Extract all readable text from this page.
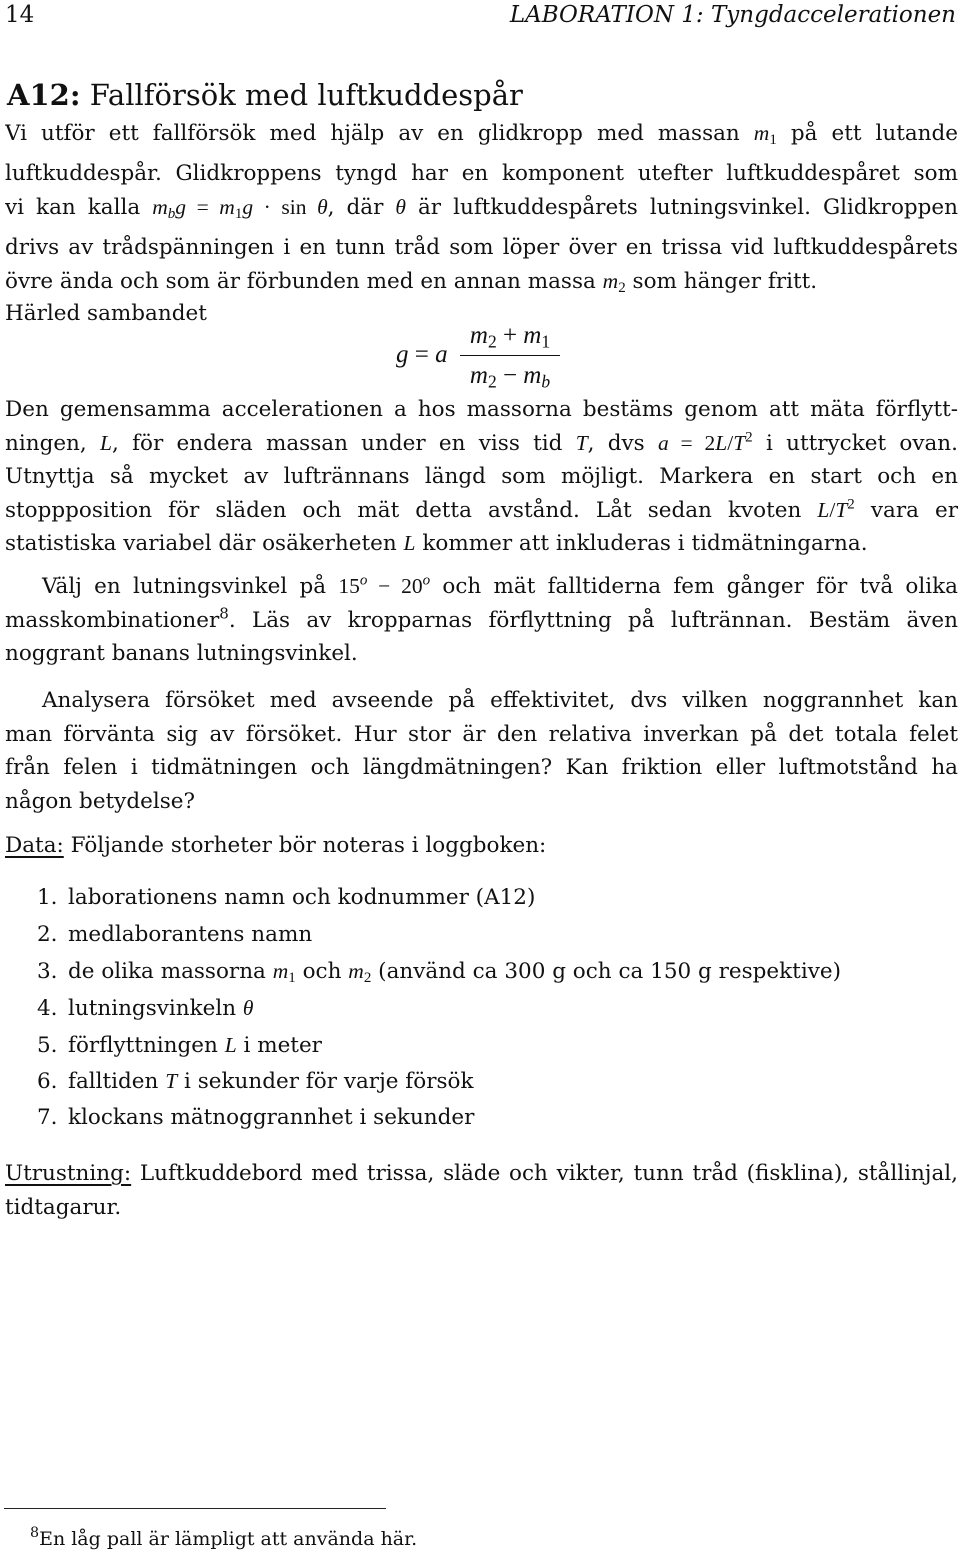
14	LABORATION 1: Tyngdaccelerationen
A12: Fallförsök med luftkuddespår
Vi utför ett fallförsök med hjälp av en glidkropp med massan $m_1$ på ett lutande
luftkuddespår. Glidkroppens tyngd har en komponent utefter luftkuddespåret som
vi kan kalla $m_bg = m_1g \cdot \sin \theta$, där θ är luftkuddespårets lutningsvinkel. Glidkroppen
drivs av trådspänningen i en tunn tråd som löper över en trissa vid luftkuddespårets
övre ända och som är förbunden med en annan massa $m_2$ som hänger fritt.
Härled sambandet
g = a $\frac{m_2 + m_1}{m_2 - m_b}$
Den gemensamma accelerationen a hos massorna bestäms genom att mäta förflytt-
ningen, L, för endera massan under en viss tid T, dvs $a = 2L/T^2$ i uttrycket ovan.
Utnyttja så mycket av luftrännans längd som möjligt. Markera en start och en
stoppposition för släden och mät detta avstånd. Låt sedan kvoten $L/T^2$ vara er
statistiska variabel där osäkerheten L kommer att inkluderas i tidmätningarna.
Välj en lutningsvinkel på $15^o - 20^o$ och mät falltiderna fem gånger för två olika
masskombinationer$^8$. Läs av kropparnas förflyttning på luftrännan. Bestäm även
noggrant banans lutningsvinkel.
Analysera försöket med avseende på effektivitet, dvs vilken noggrannhet kan
man förvänta sig av försöket. Hur stor är den relativa inverkan på det totala felet
från felen i tidmätningen och längdmätningen? Kan friktion eller luftmotstånd ha
någon betydelse?
Data: Följande storheter bör noteras i loggboken:
1. laborationens namn och kodnummer (A12)
2. medlaborantens namn
3. de olika massorna $m_1$ och $m_2$ (använd ca 300 g och ca 150 g respektive)
4. lutningsvinkeln θ
5. förflyttningen L i meter
6. falltiden T i sekunder för varje försök
7. klockans mätnoggrannhet i sekunder
Utrustning: Luftkuddebord med trissa, släde och vikter, tunn tråd (fisklina), stållinjal,
tidtagarur.
$^8$En låg pall är lämpligt att använda här.
